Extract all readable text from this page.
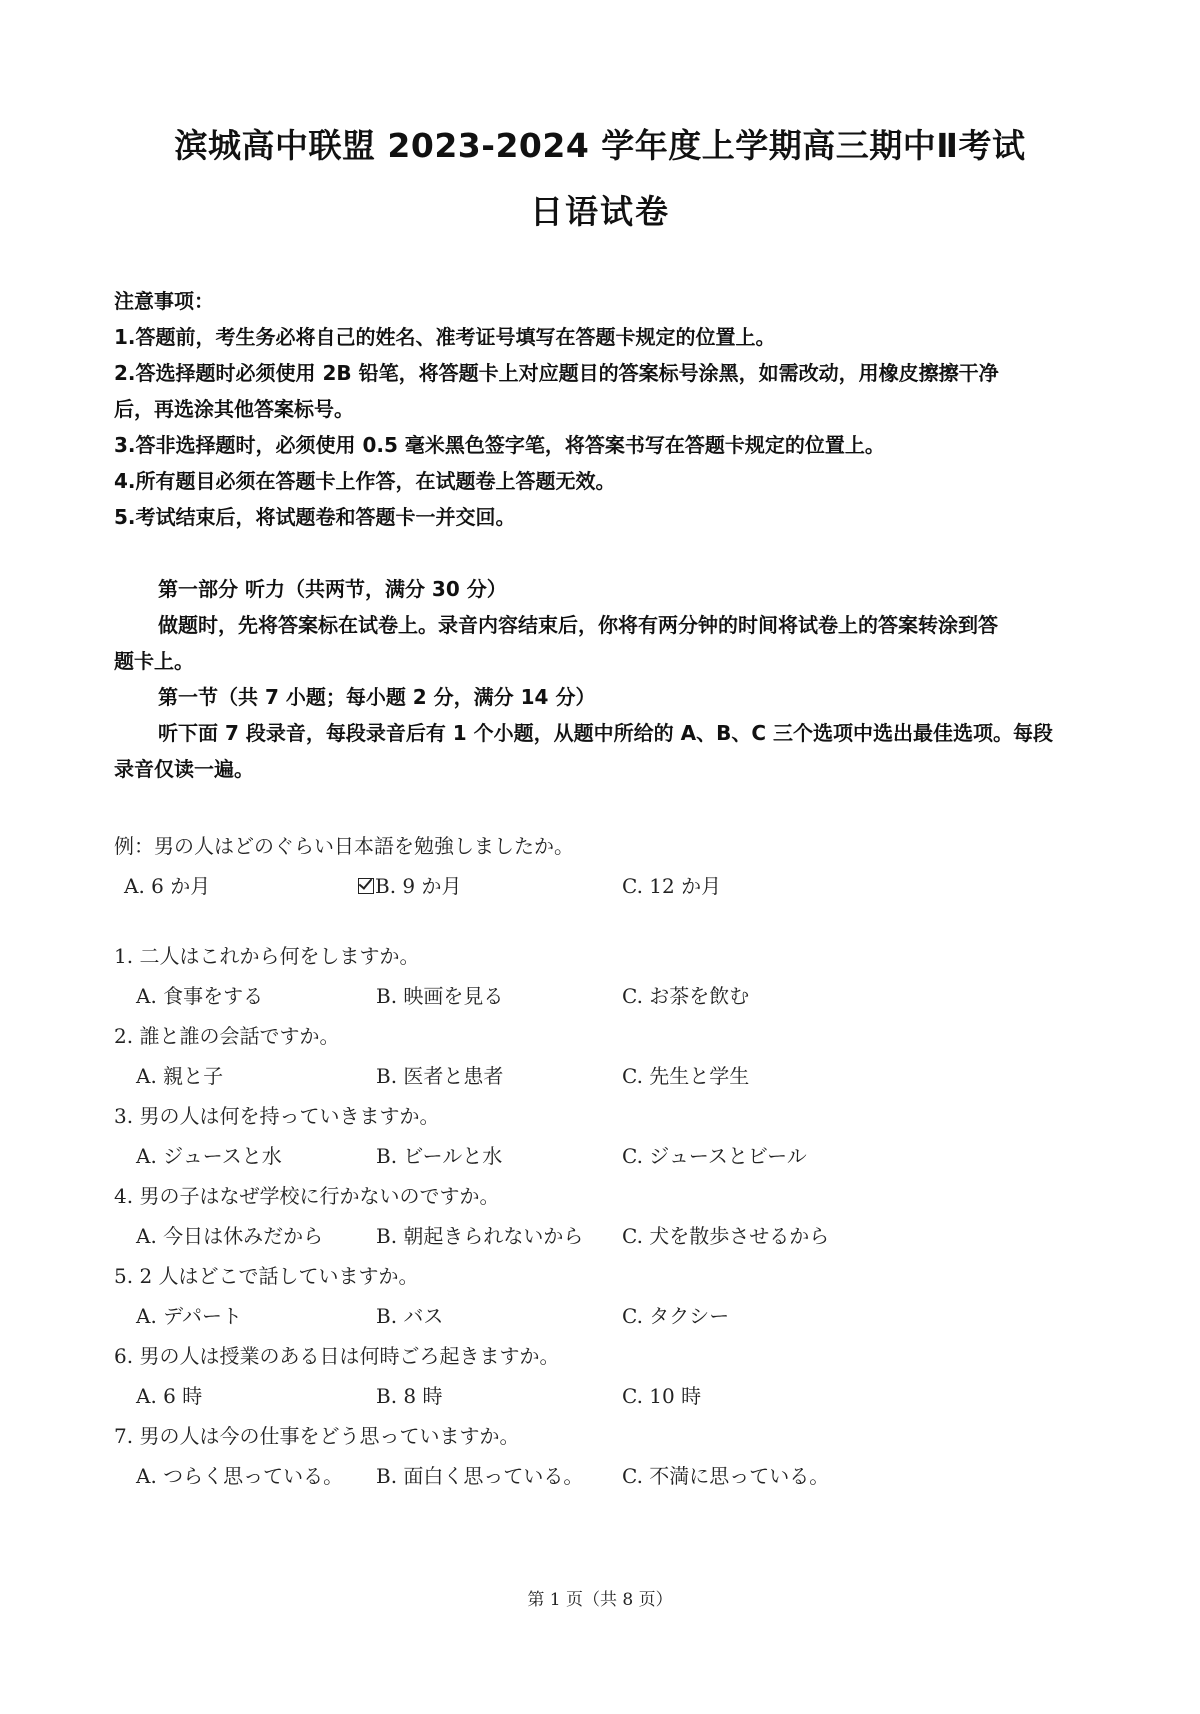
滨城高中联盟 2023-2024 学年度上学期高三期中Ⅱ考试
日语试卷
注意事项：
1.答题前，考生务必将自己的姓名、准考证号填写在答题卡规定的位置上。
2.答选择题时必须使用 2B 铅笔，将答题卡上对应题目的答案标号涂黑，如需改动，用橡皮擦擦干净
后，再选涂其他答案标号。
3.答非选择题时，必须使用 0.5 毫米黑色签字笔，将答案书写在答题卡规定的位置上。
4.所有题目必须在答题卡上作答，在试题卷上答题无效。
5.考试结束后，将试题卷和答题卡一并交回。
第一部分 听力（共两节，满分 30 分）
做题时，先将答案标在试卷上。录音内容结束后，你将有两分钟的时间将试卷上的答案转涂到答
题卡上。
第一节（共 7 小题；每小题 2 分，满分 14 分）
听下面 7 段录音，每段录音后有 1 个小题，从题中所给的 A、B、C 三个选项中选出最佳选项。每段
录音仅读一遍。
例：男の人はどのぐらい日本語を勉強しましたか。
A. 6 か月	B. 9 か月	C. 12 か月
1. 二人はこれから何をしますか。
A. 食事をする	B. 映画を見る	C. お茶を飲む
2. 誰と誰の会話ですか。
A. 親と子	B. 医者と患者	C. 先生と学生
3. 男の人は何を持っていきますか。
A. ジュースと水	B. ビールと水	C. ジュースとビール
4. 男の子はなぜ学校に行かないのですか。
A. 今日は休みだから	B. 朝起きられないから C. 犬を散歩させるから
5. 2 人はどこで話していますか。
A. デパート	B. バス	C. タクシー
6. 男の人は授業のある日は何時ごろ起きますか。
A. 6 時	B. 8 時	C. 10 時
7. 男の人は今の仕事をどう思っていますか。
A. つらく思っている。 B. 面白く思っている。 C. 不満に思っている。
第 1 页（共 8 页）
